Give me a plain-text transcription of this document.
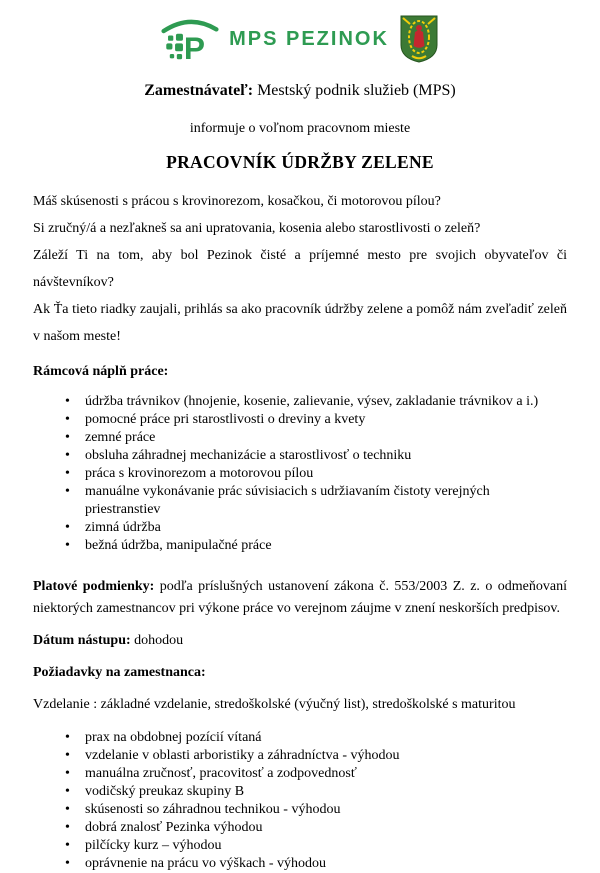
P MPS PEZINOK

Zamestnávateľ: Mestský podnik služieb (MPS)

informuje o voľnom pracovnom mieste

PRACOVNÍK ÚDRŽBY ZELENE

Máš skúsenosti s prácou s krovinorezom, kosačkou, či motorovou pílou?

Si zručný/á a nezľakneš sa ani upratovania, kosenia alebo starostlivosti o zeleň?

Záleží Ti na tom, aby bol Pezinok čisté a príjemné mesto pre svojich obyvateľov či návštevníkov?

Ak Ťa tieto riadky zaujali, prihlás sa ako pracovník údržby zelene a pomôž nám zveľadiť zeleň v našom meste!

Rámcová náplň práce:

• údržba trávnikov (hnojenie, kosenie, zalievanie, výsev, zakladanie trávnikov a i.)
• pomocné práce pri starostlivosti o dreviny a kvety
• zemné práce
• obsluha záhradnej mechanizácie a starostlivosť o techniku
• práca s krovinorezom a motorovou pílou
• manuálne vykonávanie prác súvisiacich s udržiavaním čistoty verejných priestranstiev
• zimná údržba
• bežná údržba, manipulačné práce

Platové podmienky: podľa príslušných ustanovení zákona č. 553/2003 Z. z. o odmeňovaní niektorých zamestnancov pri výkone práce vo verejnom záujme v znení neskorších predpisov.

Dátum nástupu: dohodou

Požiadavky na zamestnanca:

Vzdelanie : základné vzdelanie, stredoškolské (výučný list), stredoškolské s maturitou

• prax na obdobnej pozícií vítaná
• vzdelanie v oblasti arboristiky a záhradníctva - výhodou
• manuálna zručnosť, pracovitosť a zodpovednosť
• vodičský preukaz skupiny B
• skúsenosti so záhradnou technikou - výhodou
• dobrá znalosť Pezinka výhodou
• pilčícky kurz – výhodou
• oprávnenie na prácu vo výškach - výhodou
